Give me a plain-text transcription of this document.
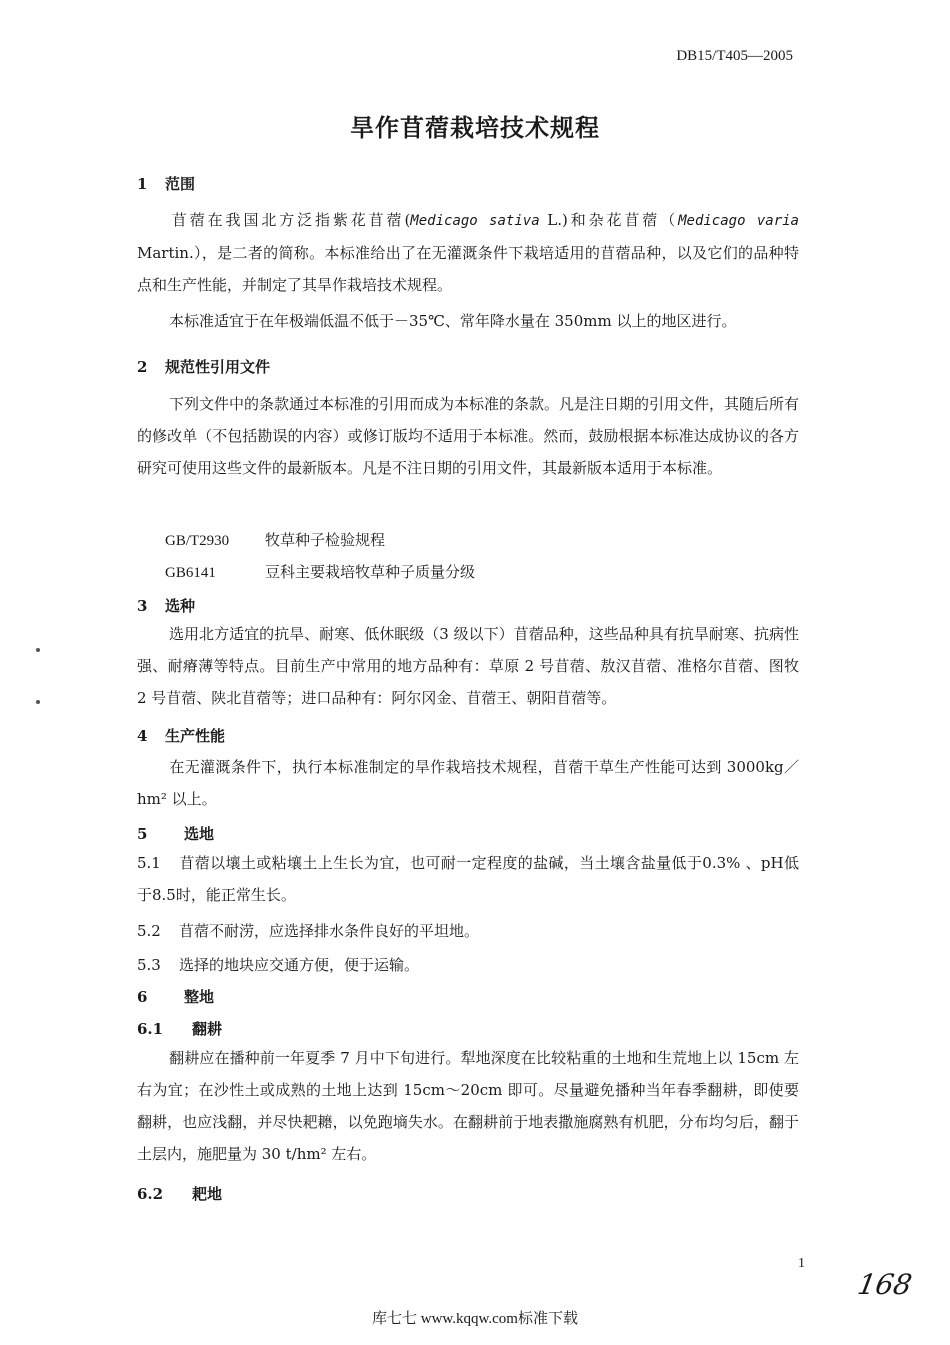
DB15/T405—2005
旱作苜蓿栽培技术规程
1 范围
苜蓿在我国北方泛指紫花苜蓿(Medicago sativa L.)和杂花苜蓿（Medicago varia Martin.），是二者的简称。本标准给出了在无灌溉条件下栽培适用的苜蓿品种，以及它们的品种特点和生产性能，并制定了其旱作栽培技术规程。
本标准适宜于在年极端低温不低于－35℃、常年降水量在 350mm 以上的地区进行。
2 规范性引用文件
下列文件中的条款通过本标准的引用而成为本标准的条款。凡是注日期的引用文件，其随后所有的修改单（不包括勘误的内容）或修订版均不适用于本标准。然而，鼓励根据本标准达成协议的各方研究可使用这些文件的最新版本。凡是不注日期的引用文件，其最新版本适用于本标准。
GB/T2930 牧草种子检验规程
GB6141	豆科主要栽培牧草种子质量分级
3 选种
选用北方适宜的抗旱、耐寒、低休眠级（3 级以下）苜蓿品种，这些品种具有抗旱耐寒、抗病性强、耐瘠薄等特点。目前生产中常用的地方品种有：草原 2 号苜蓿、敖汉苜蓿、准格尔苜蓿、图牧 2 号苜蓿、陕北苜蓿等；进口品种有：阿尔冈金、苜蓿王、朝阳苜蓿等。
4 生产性能
在无灌溉条件下，执行本标准制定的旱作栽培技术规程，苜蓿干草生产性能可达到 3000kg／hm² 以上。
5 选地
5.1 苜蓿以壤土或粘壤土上生长为宜，也可耐一定程度的盐碱，当土壤含盐量低于0.3% 、pH低于8.5时，能正常生长。
5.2 苜蓿不耐涝，应选择排水条件良好的平坦地。
5.3 选择的地块应交通方便，便于运输。
6 整地
6.1 翻耕
翻耕应在播种前一年夏季 7 月中下旬进行。犁地深度在比较粘重的土地和生荒地上以 15cm 左右为宜；在沙性土或成熟的土地上达到 15cm～20cm 即可。尽量避免播种当年春季翻耕，即使要翻耕，也应浅翻，并尽快耙耱，以免跑墒失水。在翻耕前于地表撒施腐熟有机肥，分布均匀后，翻于土层内，施肥量为 30 t/hm² 左右。
6.2 耙地
1
168
库七七 www.kqqw.com标准下载
